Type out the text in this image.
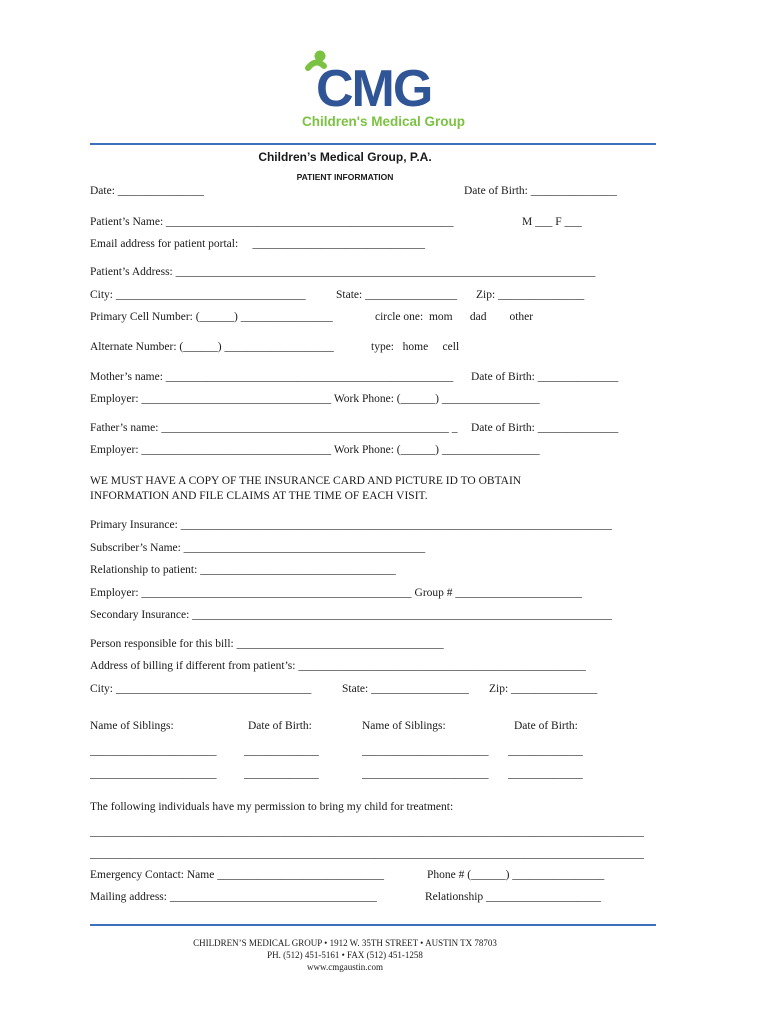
CMG
Children's Medical Group
Children’s Medical Group, P.A.
PATIENT INFORMATION
Date: _______________	Date of Birth: _______________
Patient’s Name: __________________________________________________	M ___ F ___
Email address for patient portal:     ______________________________
Patient’s Address: _________________________________________________________________________
City: _________________________________	State: ________________ Zip: _______________
Primary Cell Number: (______) ________________	circle one:  mom      dad        other
Alternate Number: (______) ___________________	type:   home     cell
Mother’s name: __________________________________________________ Date of Birth: ______________
Employer: _________________________________ Work Phone: (______) _________________
Father’s name: __________________________________________________ _ Date of Birth: ______________
Employer: _________________________________ Work Phone: (______) _________________
WE MUST HAVE A COPY OF THE INSURANCE CARD AND PICTURE ID TO OBTAIN
INFORMATION AND FILE CLAIMS AT THE TIME OF EACH VISIT.
Primary Insurance: ___________________________________________________________________________
Subscriber’s Name: __________________________________________
Relationship to patient: __________________________________
Employer: _______________________________________________ Group # ______________________
Secondary Insurance: _________________________________________________________________________
Person responsible for this bill: ____________________________________
Address of billing if different from patient’s: __________________________________________________
City: __________________________________	State: _________________ Zip: _______________
Name of Siblings:	Date of Birth:	Name of Siblings:	Date of Birth:
______________________ _____________	______________________ _____________
______________________ _____________	______________________ _____________
The following individuals have my permission to bring my child for treatment:
___________________________________________________________________________________________________
___________________________________________________________________________________________________
Emergency Contact: Name _____________________________	Phone # (______) ________________
Mailing address: ____________________________________	Relationship ____________________
CHILDREN’S MEDICAL GROUP • 1912 W. 35TH STREET • AUSTIN TX 78703
PH. (512) 451-5161 • FAX (512) 451-1258
www.cmgaustin.com
